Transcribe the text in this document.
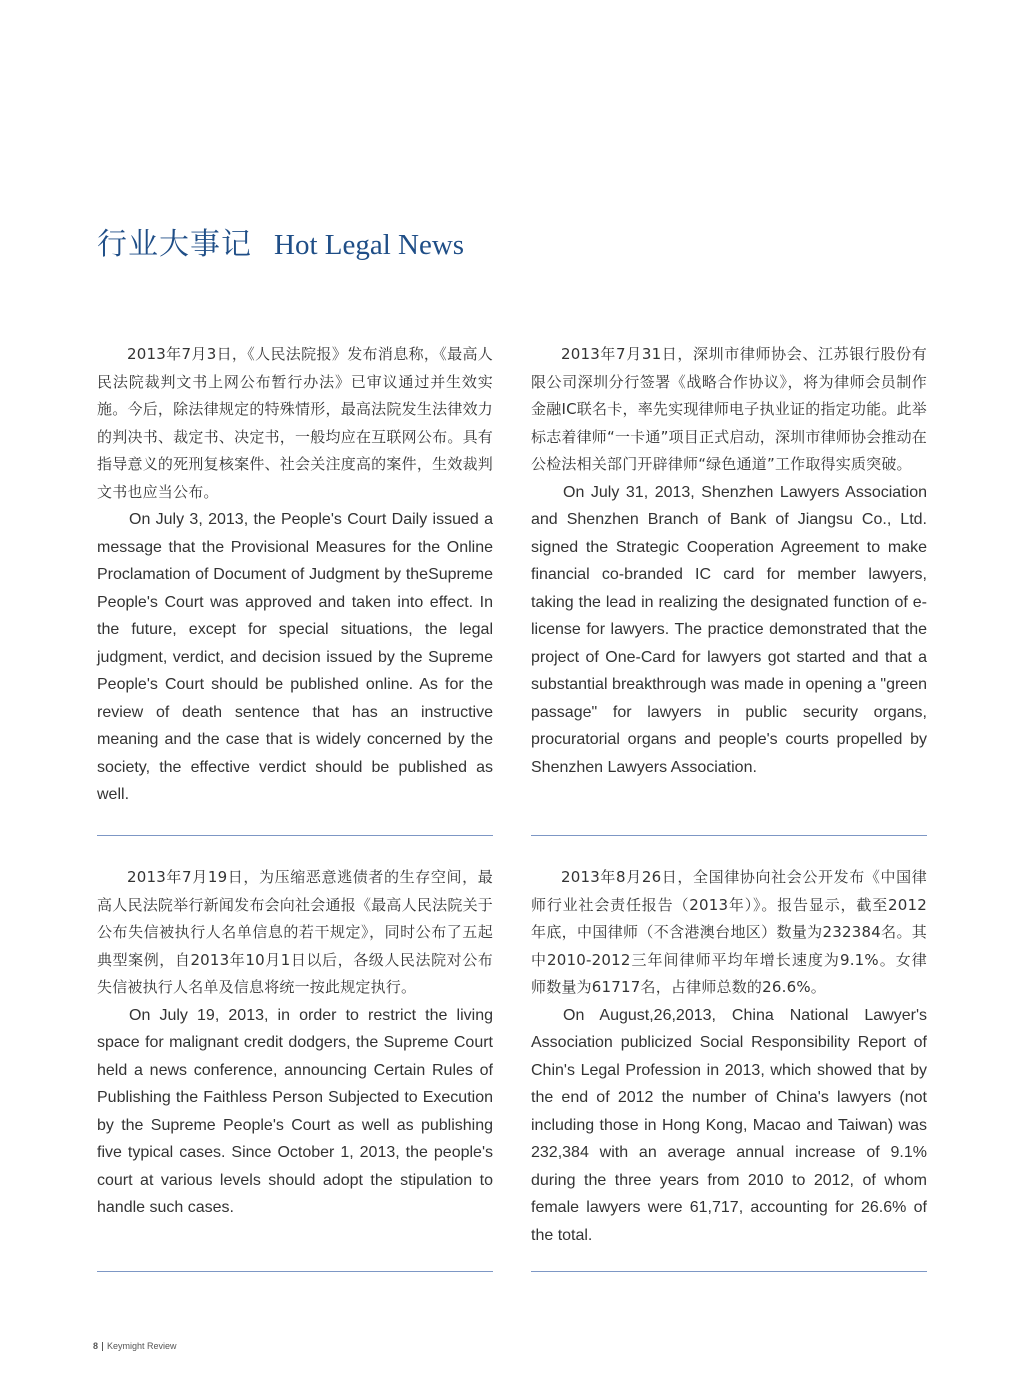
行业大事记 Hot Legal News

2013年7月3日，《人民法院报》发布消息称，《最高人民法院裁判文书上网公布暂行办法》已审议通过并生效实施。今后，除法律规定的特殊情形，最高法院发生法律效力的判决书、裁定书、决定书，一般均应在互联网公布。具有指导意义的死刑复核案件、社会关注度高的案件，生效裁判文书也应当公布。

On July 3, 2013, the People's Court Daily issued a message that the Provisional Measures for the Online Proclamation of Document of Judgment by theSupreme People's Court was approved and taken into effect. In the future, except for special situations, the legal judgment, verdict, and decision issued by the Supreme People's Court should be published online. As for the review of death sentence that has an instructive meaning and the case that is widely concerned by the society, the effective verdict should be published as well.

2013年7月31日，深圳市律师协会、江苏银行股份有限公司深圳分行签署《战略合作协议》，将为律师会员制作金融IC联名卡，率先实现律师电子执业证的指定功能。此举标志着律师“一卡通”项目正式启动，深圳市律师协会推动在公检法相关部门开辟律师“绿色通道”工作取得实质突破。

On July 31, 2013, Shenzhen Lawyers Association and Shenzhen Branch of Bank of Jiangsu Co., Ltd. signed the Strategic Cooperation Agreement to make financial co-branded IC card for member lawyers, taking the lead in realizing the designated function of e-license for lawyers. The practice demonstrated that the project of One-Card for lawyers got started and that a substantial breakthrough was made in opening a "green passage" for lawyers in public security organs, procuratorial organs and people's courts propelled by Shenzhen Lawyers Association.

2013年7月19日，为压缩恶意逃债者的生存空间，最高人民法院举行新闻发布会向社会通报《最高人民法院关于公布失信被执行人名单信息的若干规定》，同时公布了五起典型案例，自2013年10月1日以后，各级人民法院对公布失信被执行人名单及信息将统一按此规定执行。

On July 19, 2013, in order to restrict the living space for malignant credit dodgers, the Supreme Court held a news conference, announcing Certain Rules of Publishing the Faithless Person Subjected to Execution by the Supreme People's Court as well as publishing five typical cases. Since October 1, 2013, the people's court at various levels should adopt the stipulation to handle such cases.

2013年8月26日，全国律协向社会公开发布《中国律师行业社会责任报告（2013年）》。报告显示，截至2012年底，中国律师（不含港澳台地区）数量为232384名。其中2010-2012三年间律师平均年增长速度为9.1%。女律师数量为61717名，占律师总数的26.6%。

On August,26,2013, China National Lawyer's Association publicized Social Responsibility Report of Chin's Legal Profession in 2013, which showed that by the end of 2012 the number of China's lawyers (not including those in Hong Kong, Macao and Taiwan) was 232,384 with an average annual increase of 9.1% during the three years from 2010 to 2012, of whom female lawyers were 61,717, accounting for 26.6% of the total.

8 Keymight Review
